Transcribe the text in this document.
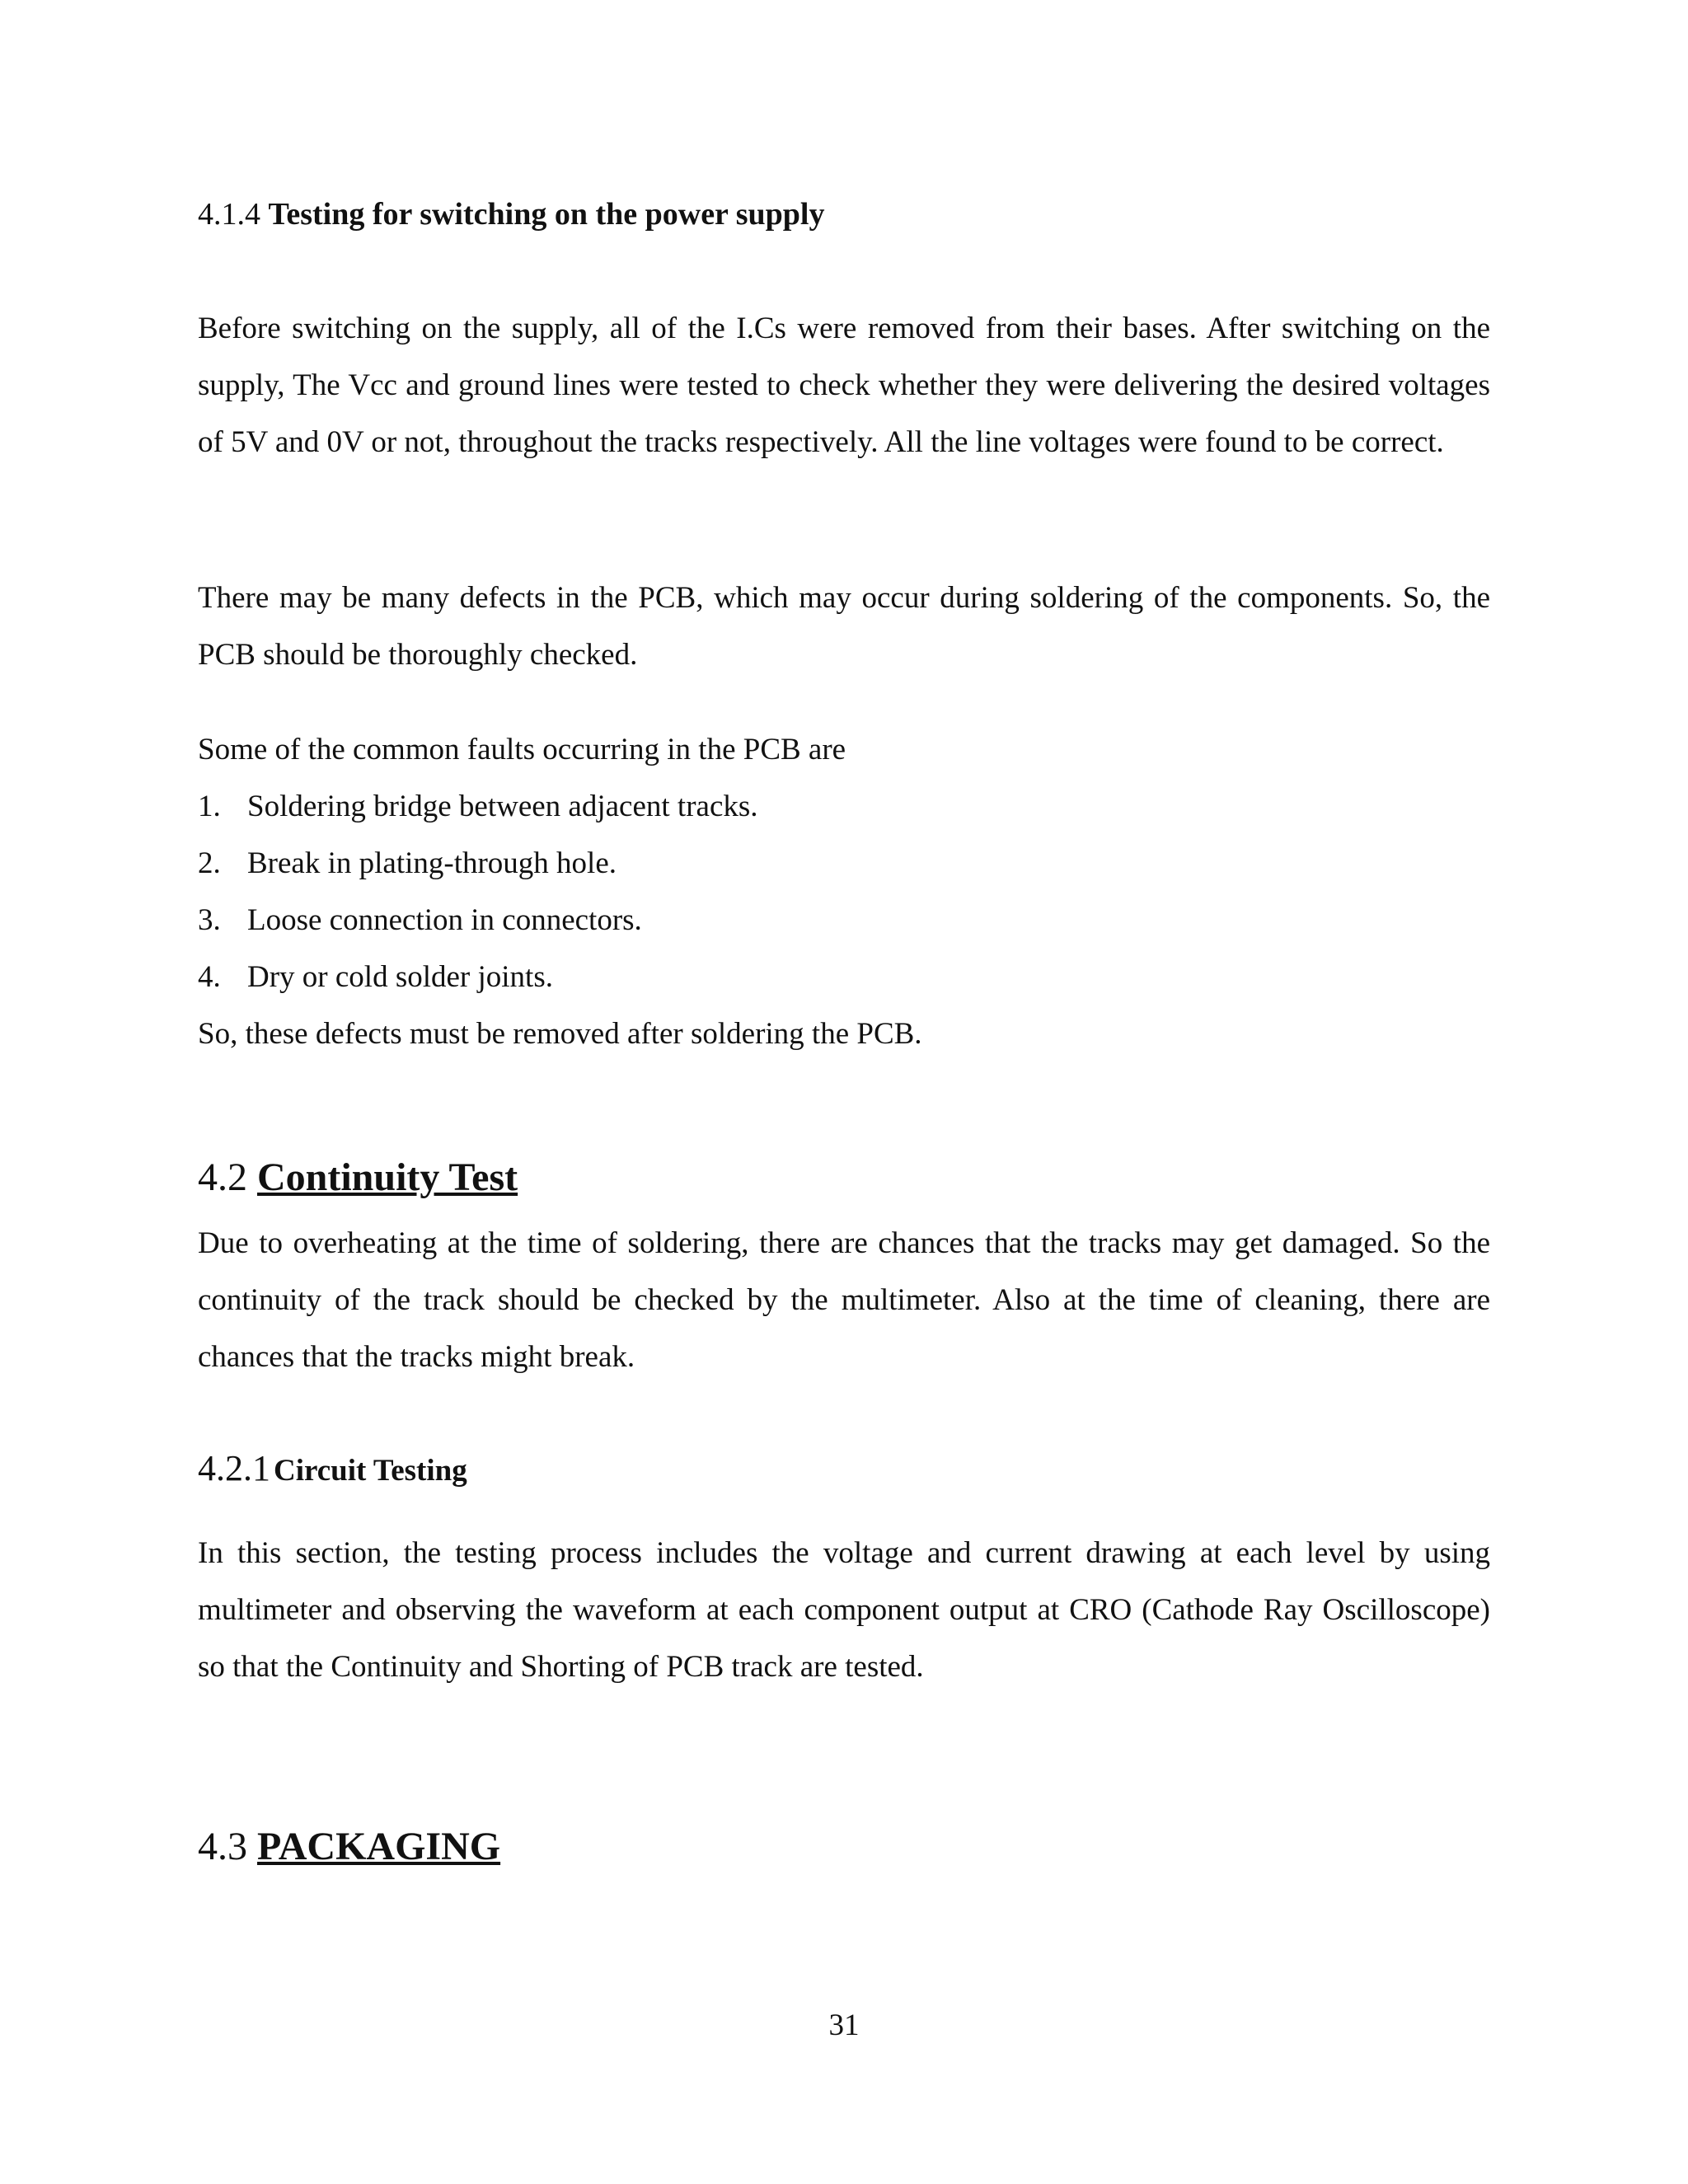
4.1.4 Testing for switching on the power supply
Before switching on the supply, all of the I.Cs were removed from their bases. After switching on the supply, The Vcc and ground lines were tested to check whether they were delivering the desired voltages of 5V and 0V or not, throughout the tracks respectively. All the line voltages were found to be correct.
There may be many defects in the PCB, which may occur during soldering of the components. So, the PCB should be thoroughly checked.
Some of the common faults occurring in the PCB are
1. Soldering bridge between adjacent tracks.
2. Break in plating-through hole.
3. Loose connection in connectors.
4. Dry or cold solder joints.
So, these defects must be removed after soldering the PCB.
4.2 Continuity Test
Due to overheating at the time of soldering, there are chances that the tracks may get damaged. So the continuity of the track should be checked by the multimeter. Also at the time of cleaning, there are chances that the tracks might break.
4.2.1 Circuit Testing
In this section, the testing process includes the voltage and current drawing at each level by using multimeter and observing the waveform at each component output at CRO (Cathode Ray Oscilloscope) so that the Continuity and Shorting of PCB track are tested.
4.3 PACKAGING
31
